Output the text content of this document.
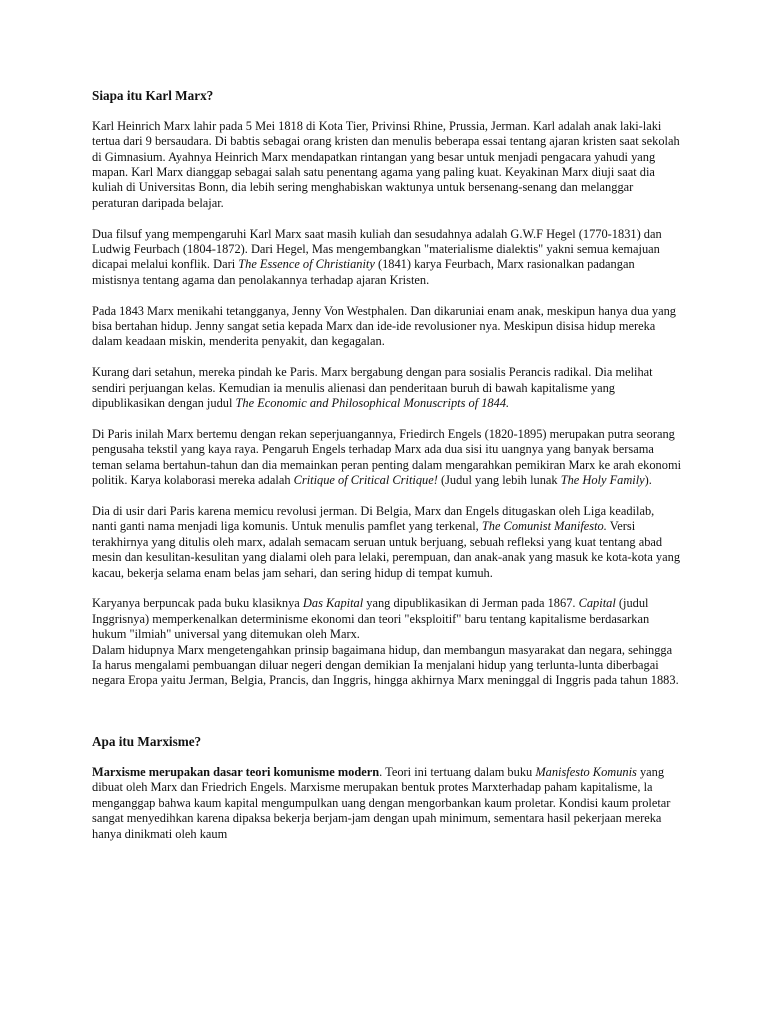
Siapa itu Karl Marx?

Karl Heinrich Marx lahir pada 5 Mei 1818 di Kota Tier, Privinsi Rhine, Prussia, Jerman. Karl adalah anak laki-laki tertua dari 9 bersaudara. Di babtis sebagai orang kristen dan menulis beberapa essai tentang ajaran kristen saat sekolah di Gimnasium. Ayahnya Heinrich Marx mendapatkan rintangan yang besar untuk menjadi pengacara yahudi yang mapan. Karl Marx dianggap sebagai salah satu penentang agama yang paling kuat. Keyakinan Marx diuji saat dia kuliah di Universitas Bonn, dia lebih sering menghabiskan waktunya untuk bersenang-senang dan melanggar peraturan daripada belajar.

Dua filsuf yang mempengaruhi Karl Marx saat masih kuliah dan sesudahnya adalah G.W.F Hegel (1770-1831) dan Ludwig Feurbach (1804-1872). Dari Hegel, Mas mengembangkan "materialisme dialektis" yakni semua kemajuan dicapai melalui konflik. Dari The Essence of Christianity (1841) karya Feurbach, Marx rasionalkan padangan mistisnya tentang agama dan penolakannya terhadap ajaran Kristen.

Pada 1843 Marx menikahi tetangganya, Jenny Von Westphalen. Dan dikaruniai enam anak, meskipun hanya dua yang bisa bertahan hidup. Jenny sangat setia kepada Marx dan ide-ide revolusioner nya. Meskipun disisa hidup mereka dalam keadaan miskin, menderita penyakit, dan kegagalan.

Kurang dari setahun, mereka pindah ke Paris. Marx bergabung dengan para sosialis Perancis radikal. Dia melihat sendiri perjuangan kelas. Kemudian ia menulis alienasi dan penderitaan buruh di bawah kapitalisme yang dipublikasikan dengan judul The Economic and Philosophical Monuscripts of 1844.

Di Paris inilah Marx bertemu dengan rekan seperjuangannya, Friedirch Engels (1820-1895) merupakan putra seorang pengusaha tekstil yang kaya raya. Pengaruh Engels terhadap Marx ada dua sisi itu uangnya yang banyak bersama teman selama bertahun-tahun dan dia memainkan peran penting dalam mengarahkan pemikiran Marx ke arah ekonomi politik. Karya kolaborasi mereka adalah Critique of Critical Critique! (Judul yang lebih lunak The Holy Family).

Dia di usir dari Paris karena memicu revolusi jerman. Di Belgia, Marx dan Engels ditugaskan oleh Liga keadilab, nanti ganti nama menjadi liga komunis. Untuk menulis pamflet yang terkenal, The Comunist Manifesto. Versi terakhirnya yang ditulis oleh marx, adalah semacam seruan untuk berjuang, sebuah refleksi yang kuat tentang abad mesin dan kesulitan-kesulitan yang dialami oleh para lelaki, perempuan, dan anak-anak yang masuk ke kota-kota yang kacau, bekerja selama enam belas jam sehari, dan sering hidup di tempat kumuh.

Karyanya berpuncak pada buku klasiknya Das Kapital yang dipublikasikan di Jerman pada 1867. Capital (judul Inggrisnya) memperkenalkan determinisme ekonomi dan teori "eksploitif" baru tentang kapitalisme berdasarkan hukum "ilmiah" universal yang ditemukan oleh Marx.

Dalam hidupnya Marx mengetengahkan prinsip bagaimana hidup, dan membangun masyarakat dan negara, sehingga Ia harus mengalami pembuangan diluar negeri dengan demikian Ia menjalani hidup yang terlunta-lunta diberbagai negara Eropa yaitu Jerman, Belgia, Prancis, dan Inggris, hingga akhirnya Marx meninggal di Inggris pada tahun 1883.

Apa itu Marxisme?

Marxisme merupakan dasar teori komunisme modern. Teori ini tertuang dalam buku Manisfesto Komunis yang dibuat oleh Marx dan Friedrich Engels. Marxisme merupakan bentuk protes Marxterhadap paham kapitalisme, la menganggap bahwa kaum kapital mengumpulkan uang dengan mengorbankan kaum proletar. Kondisi kaum proletar sangat menyedihkan karena dipaksa bekerja berjam-jam dengan upah minimum, sementara hasil pekerjaan mereka hanya dinikmati oleh kaum
